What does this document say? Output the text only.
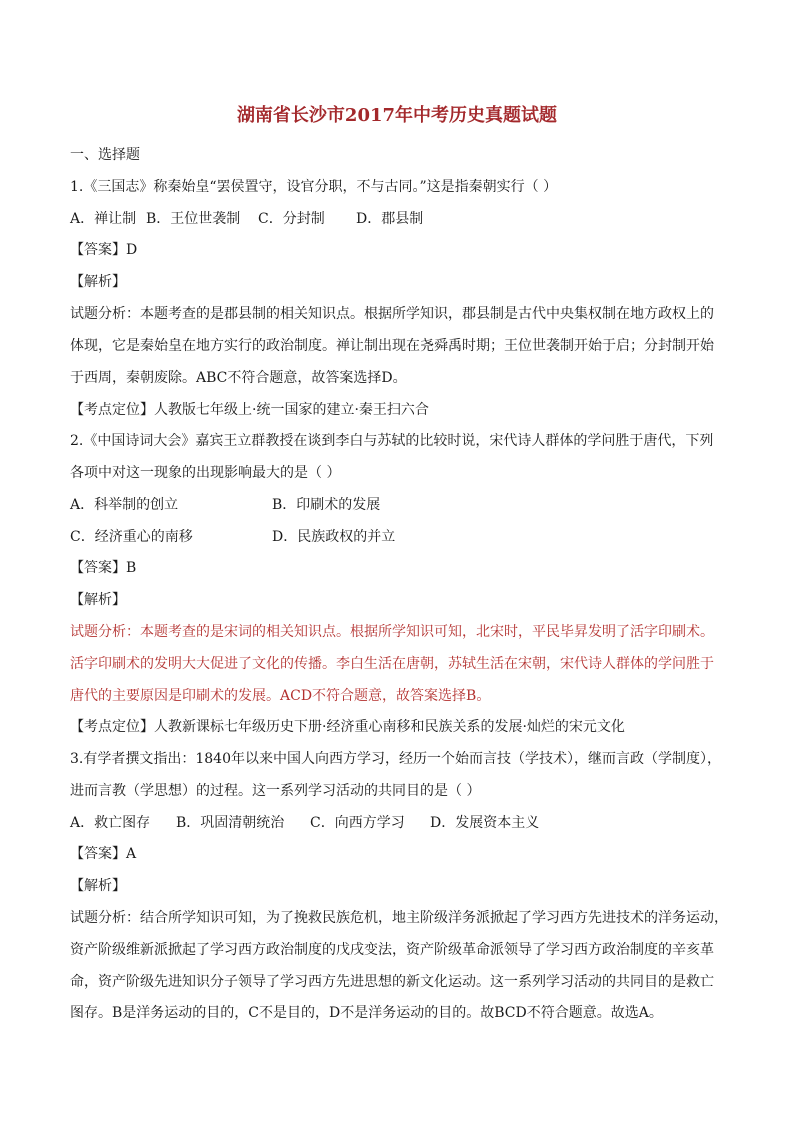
湖南省长沙市2017年中考历史真题试题
一、选择题
1.《三国志》称秦始皇“罢侯置守，设官分职，不与古同。”这是指秦朝实行（ ）
A．禅让制 B．王位世袭制 C．分封制 D．郡县制
【答案】D
【解析】
试题分析：本题考查的是郡县制的相关知识点。根据所学知识，郡县制是古代中央集权制在地方政权上的
体现，它是秦始皇在地方实行的政治制度。禅让制出现在尧舜禹时期；王位世袭制开始于启；分封制开始
于西周，秦朝废除。ABC不符合题意，故答案选择D。
【考点定位】人教版七年级上·统一国家的建立·秦王扫六合
2.《中国诗词大会》嘉宾王立群教授在谈到李白与苏轼的比较时说，宋代诗人群体的学问胜于唐代，下列
各项中对这一现象的出现影响最大的是（ ）
A．科举制的创立	B．印刷术的发展
C．经济重心的南移	D．民族政权的并立
【答案】B
【解析】
试题分析：本题考查的是宋词的相关知识点。根据所学知识可知，北宋时，平民毕昇发明了活字印刷术。
活字印刷术的发明大大促进了文化的传播。李白生活在唐朝，苏轼生活在宋朝，宋代诗人群体的学问胜于
唐代的主要原因是印刷术的发展。ACD不符合题意，故答案选择B。
【考点定位】人教新课标七年级历史下册·经济重心南移和民族关系的发展·灿烂的宋元文化
3.有学者撰文指出：1840年以来中国人向西方学习，经历一个始而言技（学技术），继而言政（学制度），
进而言教（学思想）的过程。这一系列学习活动的共同目的是（ ）
A．救亡图存 B．巩固清朝统治 C．向西方学习 D．发展资本主义
【答案】A
【解析】
试题分析：结合所学知识可知，为了挽救民族危机，地主阶级洋务派掀起了学习西方先进技术的洋务运动，
资产阶级维新派掀起了学习西方政治制度的戊戌变法，资产阶级革命派领导了学习西方政治制度的辛亥革
命，资产阶级先进知识分子领导了学习西方先进思想的新文化运动。这一系列学习活动的共同目的是救亡
图存。B是洋务运动的目的，C不是目的，D不是洋务运动的目的。故BCD不符合题意。故选A。
